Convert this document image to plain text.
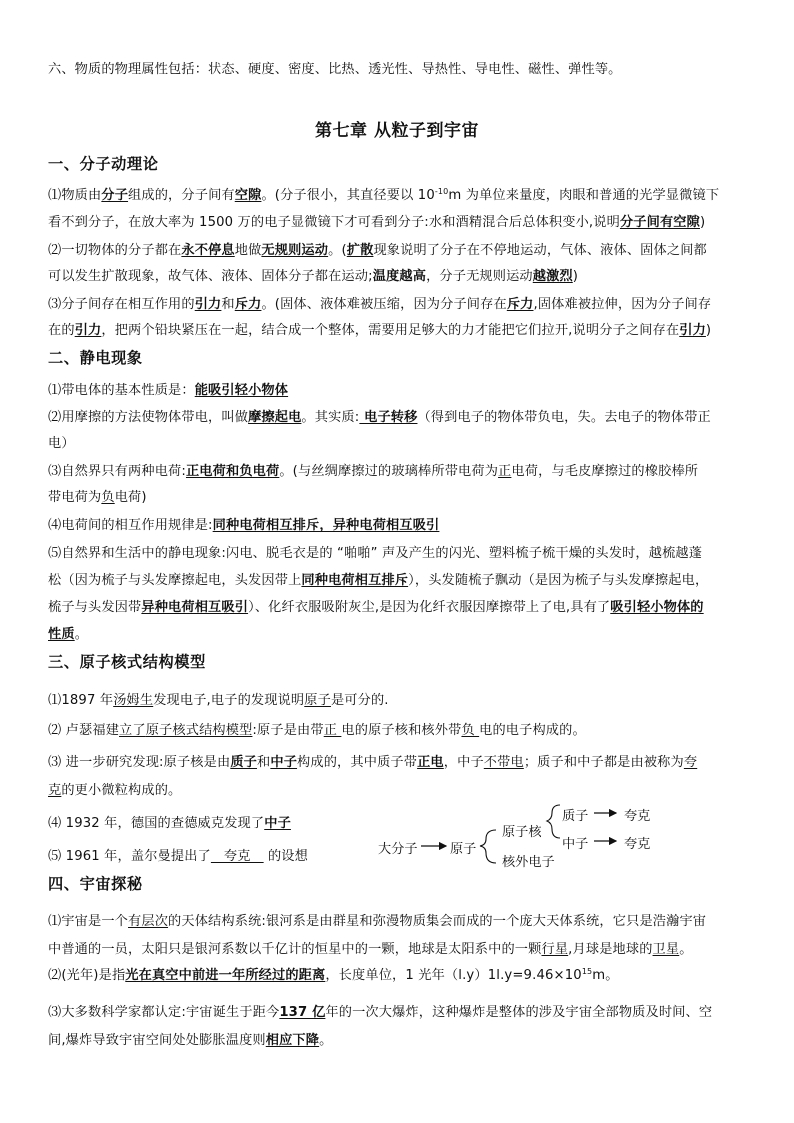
六、物质的物理属性包括：状态、硬度、密度、比热、透光性、导热性、导电性、磁性、弹性等。
第七章 从粒子到宇宙
一、分子动理论
⑴物质由分子组成的，分子间有空隙。(分子很小，其直径要以 $10^{-10}m$ 为单位来量度，肉眼和普通的光学显微镜下
看不到分子，在放大率为 1500 万的电子显微镜下才可看到分子:水和酒精混合后总体积变小,说明分子间有空隙)
⑵一切物体的分子都在永不停息地做无规则运动。(扩散现象说明了分子在不停地运动，气体、液体、固体之间都
可以发生扩散现象，故气体、液体、固体分子都在运动;温度越高，分子无规则运动越激烈)
⑶分子间存在相互作用的引力和斥力。(固体、液体难被压缩，因为分子间存在斥力,固体难被拉伸，因为分子间存
在的引力，把两个铅块紧压在一起，结合成一个整体，需要用足够大的力才能把它们拉开,说明分子之间存在引力)
二、静电现象
⑴带电体的基本性质是：能吸引轻小物体
⑵用摩擦的方法使物体带电，叫做摩擦起电。其实质: 电子转移（得到电子的物体带负电，失。去电子的物体带正
电）
⑶自然界只有两种电荷:正电荷和负电荷。(与丝绸摩擦过的玻璃棒所带电荷为正电荷，与毛皮摩擦过的橡胶棒所
带电荷为负电荷)
⑷电荷间的相互作用规律是:同种电荷相互排斥，异种电荷相互吸引
⑸自然界和生活中的静电现象:闪电、脱毛衣是的 “啪啪” 声及产生的闪光、塑料梳子梳干燥的头发时，越梳越蓬
松（因为梳子与头发摩擦起电，头发因带上同种电荷相互排斥），头发随梳子飘动（是因为梳子与头发摩擦起电，
梳子与头发因带异种电荷相互吸引）、化纤衣服吸附灰尘,是因为化纤衣服因摩擦带上了电,具有了吸引轻小物体的
性质。
三、原子核式结构模型
⑴1897 年汤姆生发现电子,电子的发现说明原子是可分的.
⑵ 卢瑟福建立了原子核式结构模型:原子是由带正 电的原子核和核外带负 电的电子构成的。
⑶ 进一步研究发现:原子核是由质子和中子构成的，其中质子带正电，中子不带电；质子和中子都是由被称为夸
克的更小微粒构成的。
⑷ 1932 年，德国的查德威克发现了中子
⑸ 1961 年，盖尔曼提出了   夸克    的设想	大分子 原子
原子核
核外电子
质子
中子
夸克
夸克
四、宇宙探秘
⑴宇宙是一个有层次的天体结构系统:银河系是由群星和弥漫物质集会而成的一个庞大天体系统，它只是浩瀚宇宙
中普通的一员，太阳只是银河系数以千亿计的恒星中的一颗，地球是太阳系中的一颗行星,月球是地球的卫星。
⑵(光年)是指光在真空中前进一年所经过的距离，长度单位，1 光年$(l.y)1l.y=9.46\times 10^{15}m$。
⑶大多数科学家都认定:宇宙诞生于距今137 亿年的一次大爆炸，这种爆炸是整体的涉及宇宙全部物质及时间、空
间,爆炸导致宇宙空间处处膨胀温度则相应下降。
